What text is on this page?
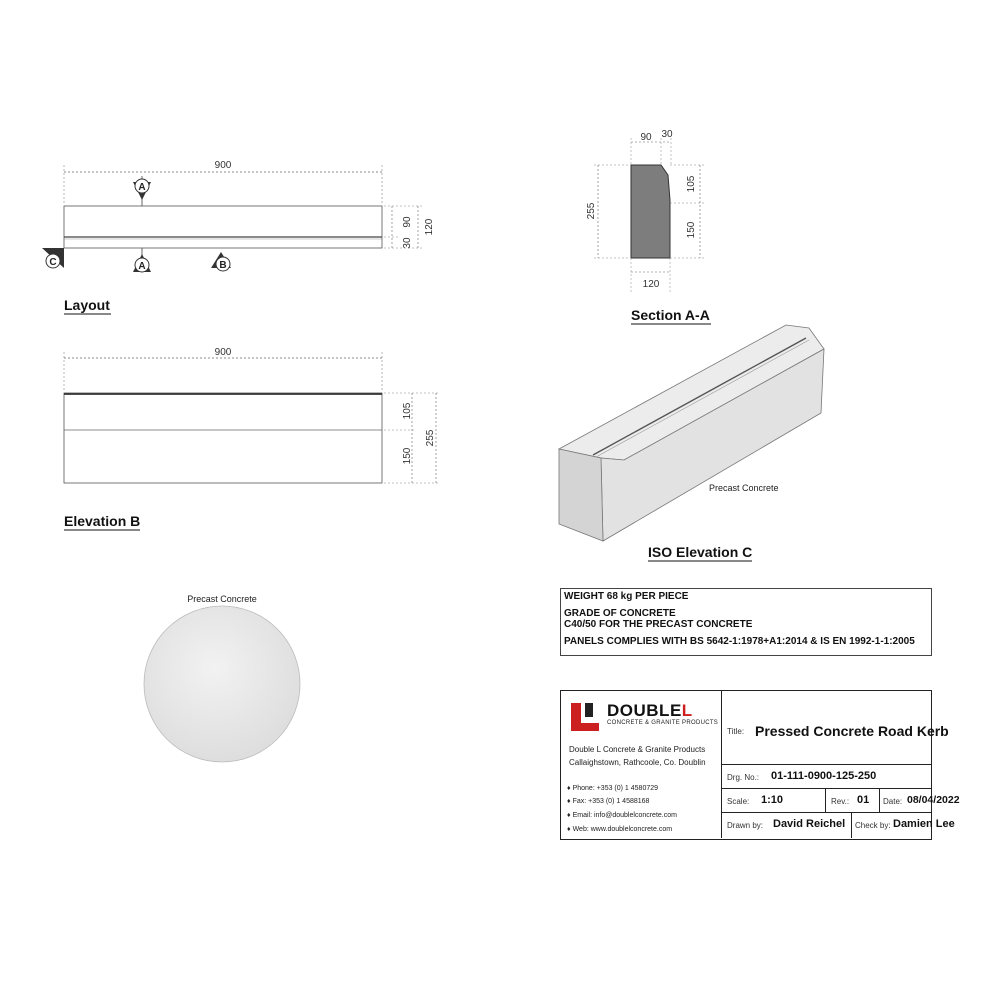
900
90
30
120
A
A	B
C
Layout
90 30
255
105
150
120
Section A-A
900
105
150
255
Elevation B
Precast Concrete
ISO Elevation C
Precast Concrete	WEIGHT 68 kg PER PIECE
GRADE OF CONCRETE
C40/50 FOR THE PRECAST CONCRETE
PANELS COMPLIES WITH BS 5642-1:1978+A1:2014 & IS EN 1992-1-1:2005
DOUBLEL
CONCRETE & GRANITE PRODUCTS
Double L Concrete & Granite Products
Callaighstown, Rathcoole, Co. Doublin
♦ Phone: +353 (0) 1 4580729
♦ Fax: +353 (0) 1 4588168
♦ Email: info@doublelconcrete.com
♦ Web: www.doublelconcrete.com
Title: Pressed Concrete Road Kerb
Drg. No.: 01-111-0900-125-250
Scale: 1:10	Rev.: 01 Date: 08/04/2022
Drawn by: David Reichel Check by: Damien Lee
